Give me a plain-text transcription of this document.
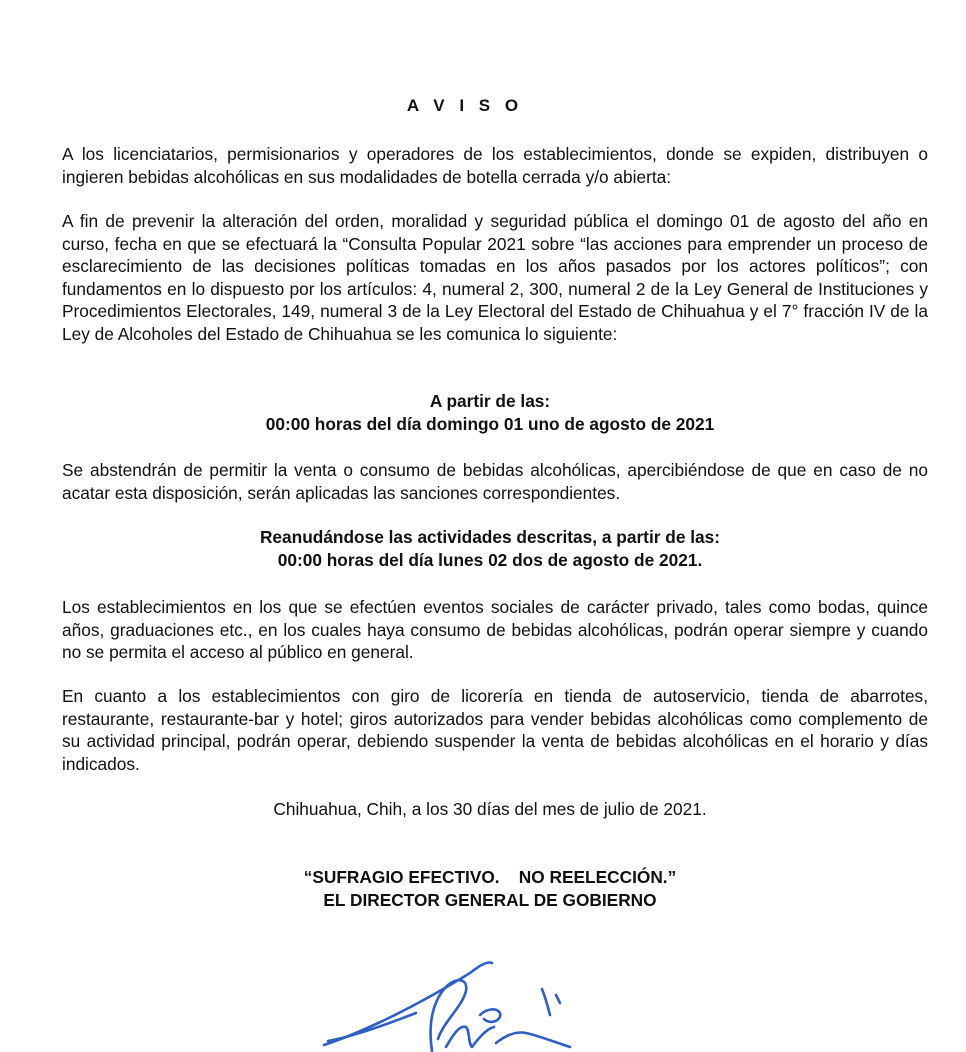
A V I S O

A los licenciatarios, permisionarios y operadores de los establecimientos, donde se expiden, distribuyen o ingieren bebidas alcohólicas en sus modalidades de botella cerrada y/o abierta:

A fin de prevenir la alteración del orden, moralidad y seguridad pública el domingo 01 de agosto del año en curso, fecha en que se efectuará la “Consulta Popular 2021 sobre “las acciones para emprender un proceso de esclarecimiento de las decisiones políticas tomadas en los años pasados por los actores políticos”; con fundamentos en lo dispuesto por los artículos: 4, numeral 2, 300, numeral 2 de la Ley General de Instituciones y Procedimientos Electorales, 149, numeral 3 de la Ley Electoral del Estado de Chihuahua y el 7° fracción IV de la Ley de Alcoholes del Estado de Chihuahua se les comunica lo siguiente:

A partir de las:
00:00 horas del día domingo 01 uno de agosto de 2021

Se abstendrán de permitir la venta o consumo de bebidas alcohólicas, apercibiéndose de que en caso de no acatar esta disposición, serán aplicadas las sanciones correspondientes.

Reanudándose las actividades descritas, a partir de las:
00:00 horas del día lunes 02 dos de agosto de 2021.

Los establecimientos en los que se efectúen eventos sociales de carácter privado, tales como bodas, quince años, graduaciones etc., en los cuales haya consumo de bebidas alcohólicas, podrán operar siempre y cuando no se permita el acceso al público en general.

En cuanto a los establecimientos con giro de licorería en tienda de autoservicio, tienda de abarrotes, restaurante, restaurante-bar y hotel; giros autorizados para vender bebidas alcohólicas como complemento de su actividad principal, podrán operar, debiendo suspender la venta de bebidas alcohólicas en el horario y días indicados.

Chihuahua, Chih, a los 30 días del mes de julio de 2021.
“SUFRAGIO EFECTIVO.    NO REELECCIÓN.”
EL DIRECTOR GENERAL DE GOBIERNO
